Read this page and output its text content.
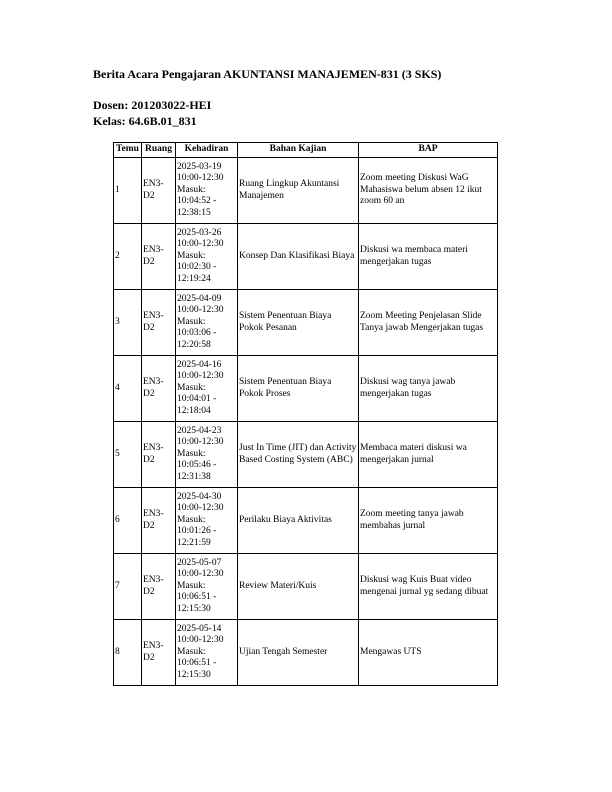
Berita Acara Pengajaran AKUNTANSI MANAJEMEN-831 (3 SKS)
Dosen: 201203022-HEI
Kelas: 64.6B.01_831
Temu	Ruang	Kehadiran	Bahan Kajian	BAP
1	EN3-D2	2025-03-19
10:00-12:30
Masuk:
10:04:52 -
12:38:15	Ruang Lingkup Akuntansi Manajemen	Zoom meeting Diskusi WaG Mahasiswa belum absen 12 ikut zoom 60 an
2	EN3-D2	2025-03-26
10:00-12:30
Masuk:
10:02:30 -
12:19:24	Konsep Dan Klasifikasi Biaya	Diskusi wa membaca materi mengerjakan tugas
3	EN3-D2	2025-04-09
10:00-12:30
Masuk:
10:03:06 -
12:20:58	Sistem Penentuan Biaya Pokok Pesanan	Zoom Meeting Penjelasan Slide Tanya jawab Mengerjakan tugas
4	EN3-D2	2025-04-16
10:00-12:30
Masuk:
10:04:01 -
12:18:04	Sistem Penentuan Biaya Pokok Proses	Diskusi wag tanya jawab mengerjakan tugas
5	EN3-D2	2025-04-23
10:00-12:30
Masuk:
10:05:46 -
12:31:38	Just In Time (JIT) dan Activity Based Costing System (ABC)	Membaca materi diskusi wa mengerjakan jurnal
6	EN3-D2	2025-04-30
10:00-12:30
Masuk:
10:01:26 -
12:21:59	Perilaku Biaya Aktivitas	Zoom meeting tanya jawab membahas jurnal
7	EN3-D2	2025-05-07
10:00-12:30
Masuk:
10:06:51 -
12:15:30	Review Materi/Kuis	Diskusi wag Kuis Buat video mengenai jurnal yg sedang dibuat
8	EN3-D2	2025-05-14
10:00-12:30
Masuk:
10:06:51 -
12:15:30	Ujian Tengah Semester	Mengawas UTS
